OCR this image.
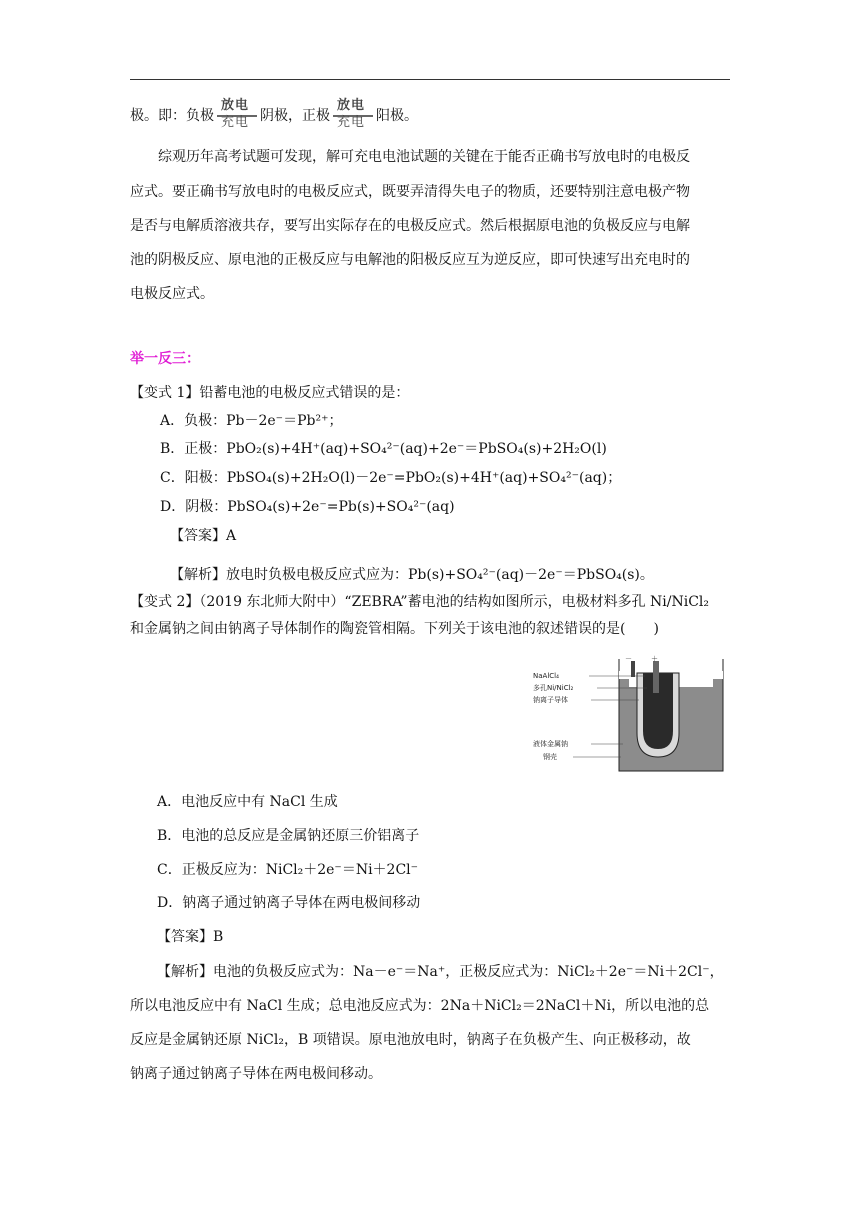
极。即：负极
放电
充电 阴极，正极
放电
充电 阳极。
综观历年高考试题可发现，解可充电电池试题的关键在于能否正确书写放电时的电极反
应式。要正确书写放电时的电极反应式，既要弄清得失电子的物质，还要特别注意电极产物
是否与电解质溶液共存，要写出实际存在的电极反应式。然后根据原电池的负极反应与电解
池的阴极反应、原电池的正极反应与电解池的阳极反应互为逆反应，即可快速写出充电时的
电极反应式。
举一反三：
【变式 1】铅蓄电池的电极反应式错误的是：
A．负极：Pb－2e⁻＝Pb²⁺；
B．正极：PbO₂(s)+4H⁺(aq)+SO₄²⁻(aq)+2e⁻＝PbSO₄(s)+2H₂O(l)
C．阳极：PbSO₄(s)+2H₂O(l)－2e⁻=PbO₂(s)+4H⁺(aq)+SO₄²⁻(aq)；
D．阴极：PbSO₄(s)+2e⁻=Pb(s)+SO₄²⁻(aq)
【答案】A
【解析】放电时负极电极反应式应为：Pb(s)+SO₄²⁻(aq)－2e⁻＝PbSO₄(s)。
【变式 2】（2019 东北师大附中）“ZEBRA”蓄电池的结构如图所示，电极材料多孔 Ni/NiCl₂
和金属钠之间由钠离子导体制作的陶瓷管相隔。下列关于该电池的叙述错误的是(　　)
－	＋
NaAlCl₄
多孔Ni/NiCl₂
钠离子导体
液体金属钠
钢壳
A．电池反应中有 NaCl 生成
B．电池的总反应是金属钠还原三价铝离子
C．正极反应为：NiCl₂＋2e⁻＝Ni＋2Cl⁻
D．钠离子通过钠离子导体在两电极间移动
【答案】B
【解析】电池的负极反应式为：Na－e⁻＝Na⁺，正极反应式为：NiCl₂＋2e⁻＝Ni＋2Cl⁻，
所以电池反应中有 NaCl 生成；总电池反应式为：2Na＋NiCl₂＝2NaCl＋Ni，所以电池的总
反应是金属钠还原 NiCl₂，B 项错误。原电池放电时，钠离子在负极产生、向正极移动，故
钠离子通过钠离子导体在两电极间移动。
